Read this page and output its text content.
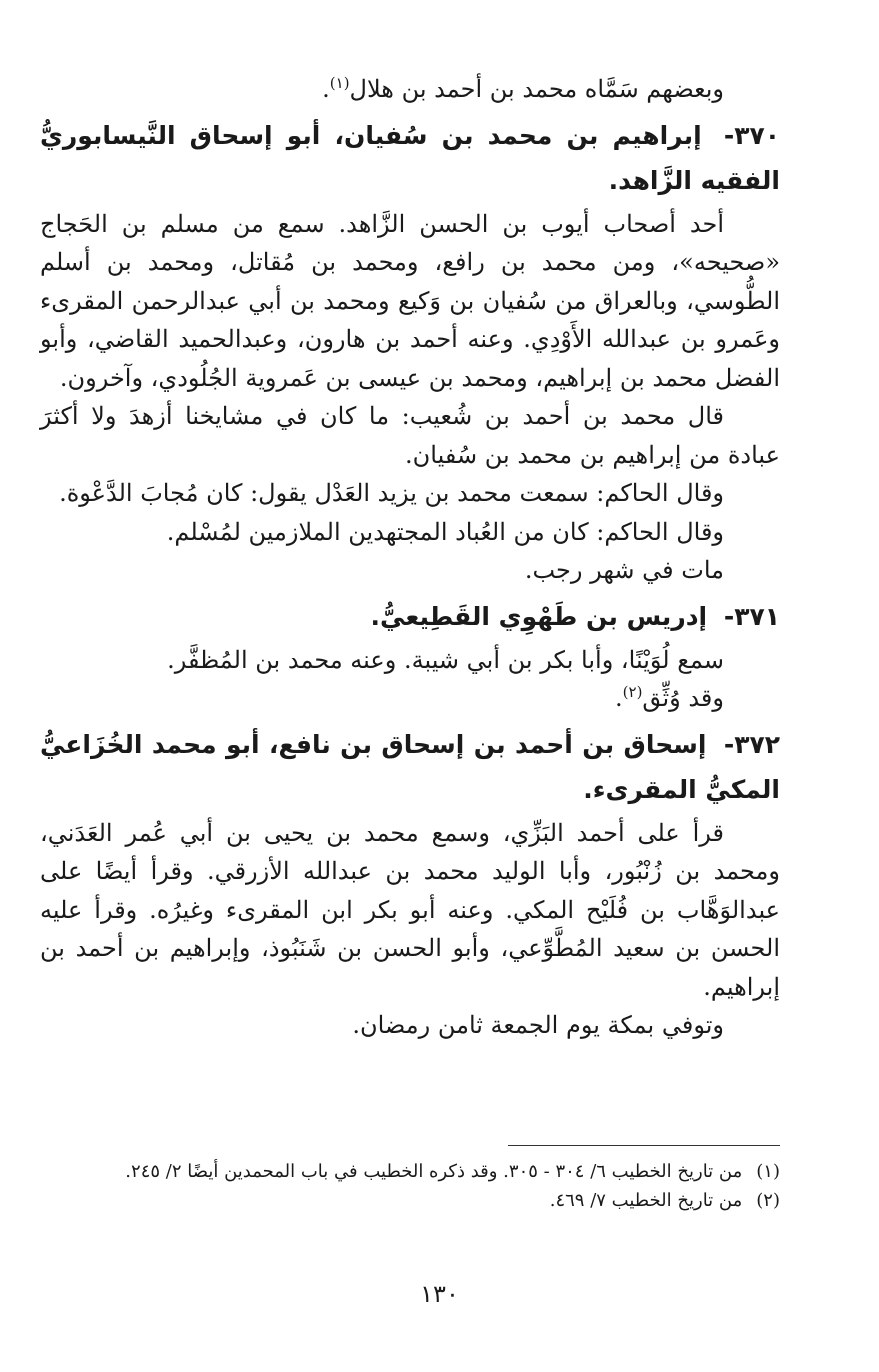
وبعضهم سَمَّاه محمد بن أحمد بن هلال$^{(١)}$.

٣٧٠- إبراهيم بن محمد بن سُفيان، أبو إسحاق النَّيسابوريُّ الفقيه الزَّاهد.

أحد أصحاب أيوب بن الحسن الزَّاهد. سمع من مسلم بن الحَجاج «صحيحه»، ومن محمد بن رافع، ومحمد بن مُقاتل، ومحمد بن أسلم الطُّوسي، وبالعراق من سُفيان بن وَكيع ومحمد بن أبي عبدالرحمن المقرىء وعَمرو بن عبدالله الأَوْدِي. وعنه أحمد بن هارون، وعبدالحميد القاضي، وأبو الفضل محمد بن إبراهيم، ومحمد بن عيسى بن عَمروية الجُلُودي، وآخرون.

قال محمد بن أحمد بن شُعيب: ما كان في مشايخنا أزهدَ ولا أكثرَ عبادة من إبراهيم بن محمد بن سُفيان.

وقال الحاكم: سمعت محمد بن يزيد العَدْل يقول: كان مُجابَ الدَّعْوة.

وقال الحاكم: كان من العُباد المجتهدين الملازمين لمُسْلم.

مات في شهر رجب.

٣٧١- إدريس بن طَهْوِي القَطِيعيُّ.

سمع لُوَيْنًا، وأبا بكر بن أبي شيبة. وعنه محمد بن المُظفَّر.

وقد وُثِّق$^{(٢)}$.

٣٧٢- إسحاق بن أحمد بن إسحاق بن نافع، أبو محمد الخُزَاعيُّ المكيُّ المقرىء.

قرأ على أحمد البَزِّي، وسمع محمد بن يحيى بن أبي عُمر العَدَني، ومحمد بن زُنْبُور، وأبا الوليد محمد بن عبدالله الأزرقي. وقرأ أيضًا على عبدالوَهَّاب بن فُلَيْح المكي. وعنه أبو بكر ابن المقرىء وغيرُه. وقرأ عليه الحسن بن سعيد المُطَّوِّعي، وأبو الحسن بن شَنَبُوذ، وإبراهيم بن أحمد بن إبراهيم.

وتوفي بمكة يوم الجمعة ثامن رمضان.

(١)من تاريخ الخطيب ٦/ ٣٠٤ - ٣٠٥. وقد ذكره الخطيب في باب المحمدين أيضًا ٢/ ٢٤٥.

(٢)من تاريخ الخطيب ٧/ ٤٦٩.

١٣٠
